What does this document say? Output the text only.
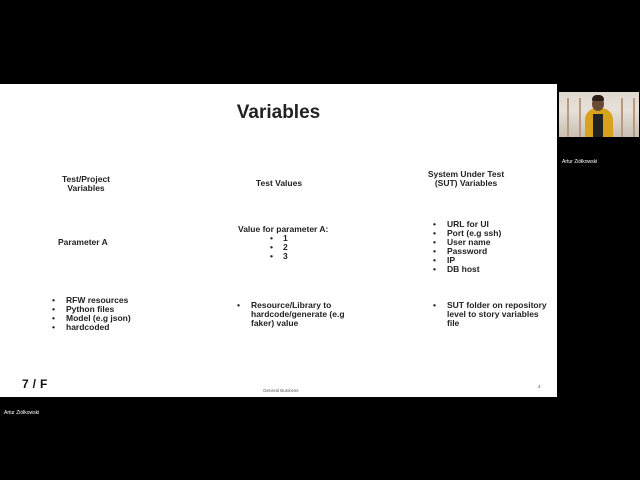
Variables
Test/Project Variables	Test Values
System Under Test (SUT) Variables
Parameter A
Value for parameter A:
• 1
• 2
• 3
• URL for UI
• Port (e.g ssh)
• User name
• Password
• IP
• DB host
• RFW resources
• Python files
• Model (e.g json)
• hardcoded
• Resource/Library to hardcode/generate (e.g faker) value
• SUT folder on repository level to story variables file
7/F	General Business
4
Artur Ziółkowski
Artur Ziółkowski
